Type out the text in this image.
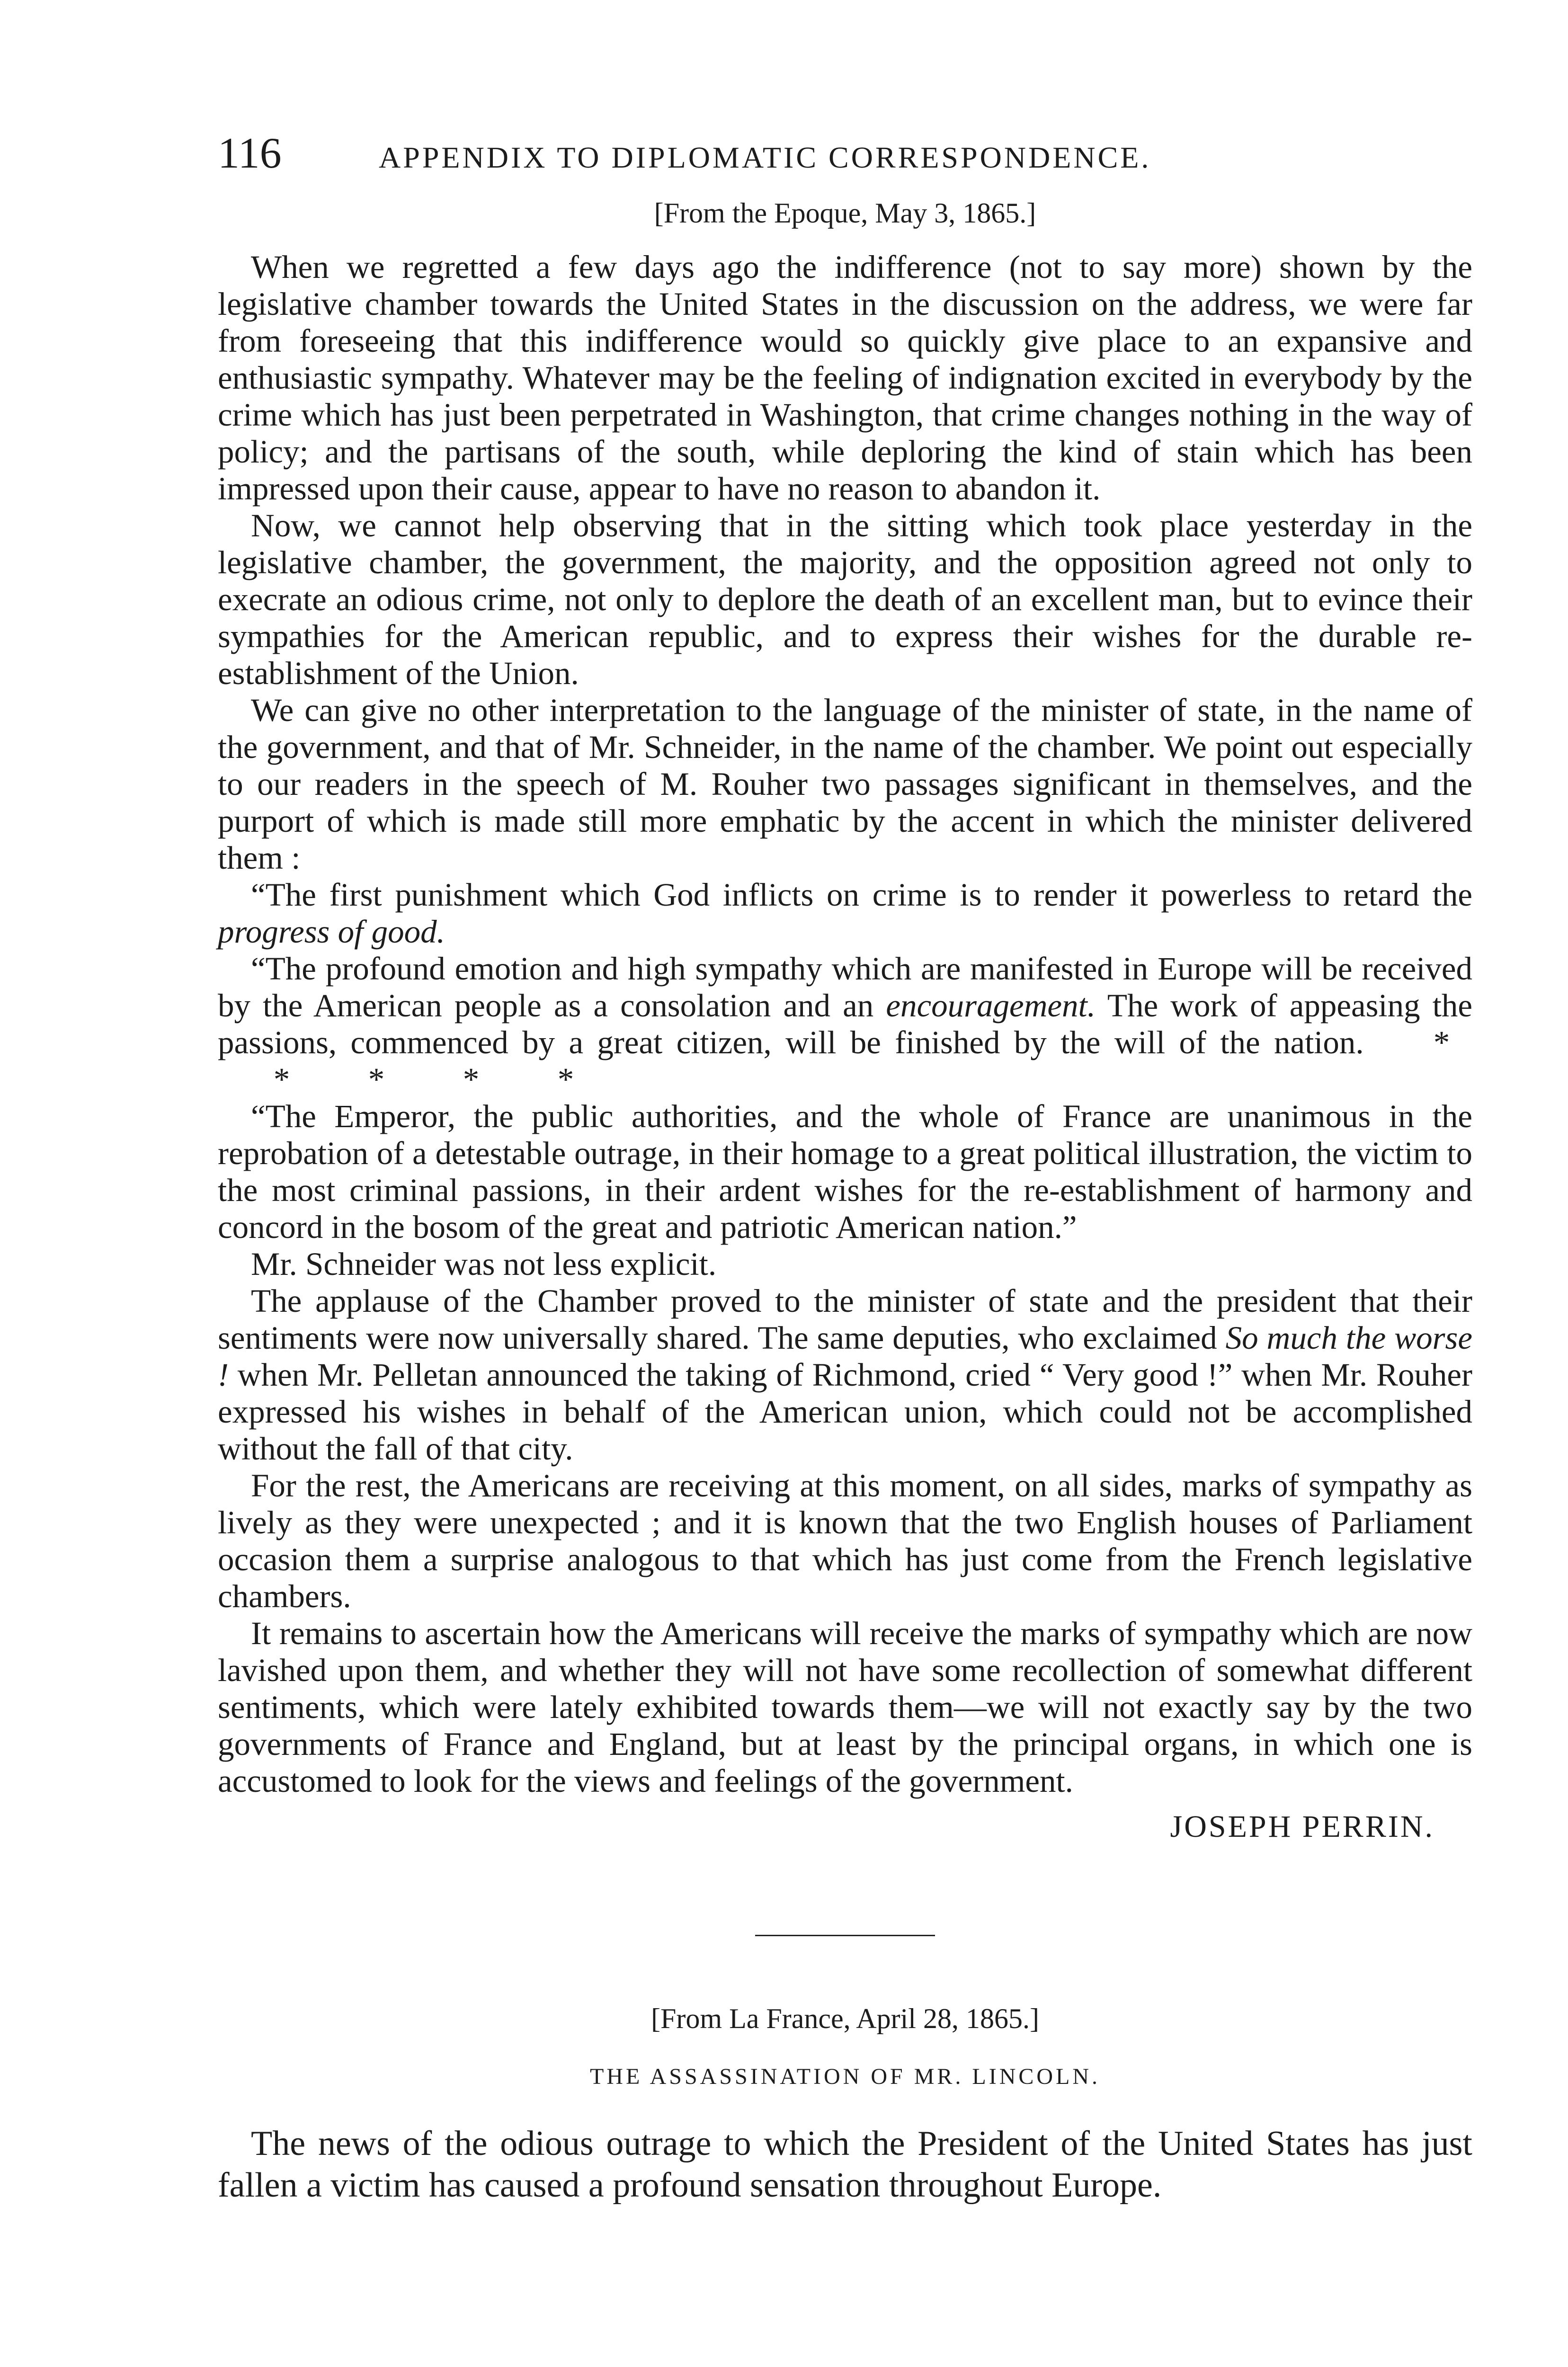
116	APPENDIX TO DIPLOMATIC CORRESPONDENCE.
[From the Epoque, May 3, 1865.]

When we regretted a few days ago the indifference (not to say more) shown by the legislative chamber towards the United States in the discussion on the address, we were far from foreseeing that this indifference would so quickly give place to an expansive and enthusiastic sympathy. Whatever may be the feeling of indignation excited in everybody by the crime which has just been perpetrated in Washington, that crime changes nothing in the way of policy; and the partisans of the south, while deploring the kind of stain which has been impressed upon their cause, appear to have no reason to abandon it.

Now, we cannot help observing that in the sitting which took place yesterday in the legislative chamber, the government, the majority, and the opposition agreed not only to execrate an odious crime, not only to deplore the death of an excellent man, but to evince their sympathies for the American republic, and to express their wishes for the durable re-establishment of the Union.

We can give no other interpretation to the language of the minister of state, in the name of the government, and that of Mr. Schneider, in the name of the chamber. We point out especially to our readers in the speech of M. Rouher two passages significant in themselves, and the purport of which is made still more emphatic by the accent in which the minister delivered them :

“The first punishment which God inflicts on crime is to render it powerless to retard the progress of good.

“The profound emotion and high sympathy which are manifested in Europe will be received by the American people as a consolation and an encouragement. The work of appeasing the passions, commenced by a great citizen, will be finished by the will of the nation. ** * * *

“The Emperor, the public authorities, and the whole of France are unanimous in the reprobation of a detestable outrage, in their homage to a great political illustration, the victim to the most criminal passions, in their ardent wishes for the re-establishment of harmony and concord in the bosom of the great and patriotic American nation.”

Mr. Schneider was not less explicit.

The applause of the Chamber proved to the minister of state and the president that their sentiments were now universally shared. The same deputies, who exclaimed So much the worse ! when Mr. Pelletan announced the taking of Richmond, cried “ Very good !” when Mr. Rouher expressed his wishes in behalf of the American union, which could not be accomplished without the fall of that city.

For the rest, the Americans are receiving at this moment, on all sides, marks of sympathy as lively as they were unexpected ; and it is known that the two English houses of Parliament occasion them a surprise analogous to that which has just come from the French legislative chambers.

It remains to ascertain how the Americans will receive the marks of sympathy which are now lavished upon them, and whether they will not have some recollection of somewhat different sentiments, which were lately exhibited towards them—we will not exactly say by the two governments of France and England, but at least by the principal organs, in which one is accustomed to look for the views and feelings of the government.

JOSEPH PERRIN.
[From La France, April 28, 1865.]
THE ASSASSINATION OF MR. LINCOLN.

The news of the odious outrage to which the President of the United States has just fallen a victim has caused a profound sensation throughout Europe.
